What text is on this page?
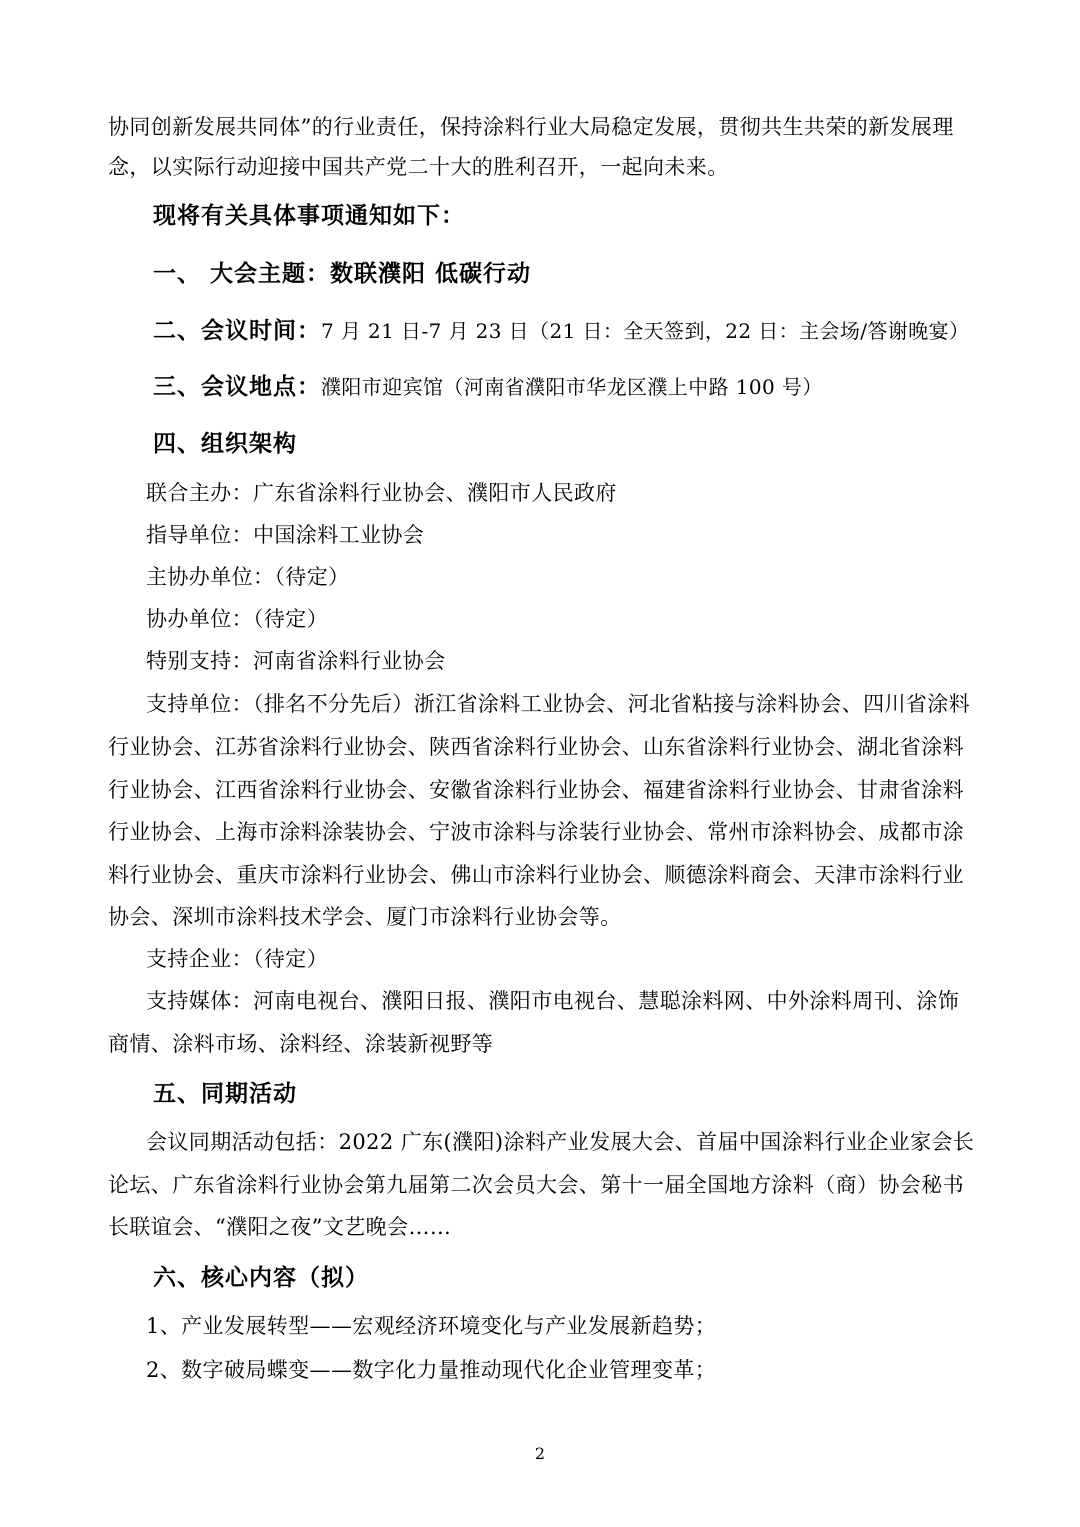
协同创新发展共同体”的行业责任，保持涂料行业大局稳定发展，贯彻共生共荣的新发展理
念，以实际行动迎接中国共产党二十大的胜利召开，一起向未来。
现将有关具体事项通知如下：
一、 大会主题：数联濮阳 低碳行动
二、会议时间：7 月 21 日-7 月 23 日（21 日：全天签到，22 日：主会场/答谢晚宴）
三、会议地点：濮阳市迎宾馆（河南省濮阳市华龙区濮上中路 100 号）
四、组织架构
联合主办：广东省涂料行业协会、濮阳市人民政府
指导单位：中国涂料工业协会
主协办单位：（待定）
协办单位：（待定）
特别支持：河南省涂料行业协会
支持单位：（排名不分先后）浙江省涂料工业协会、河北省粘接与涂料协会、四川省涂料
行业协会、江苏省涂料行业协会、陕西省涂料行业协会、山东省涂料行业协会、湖北省涂料
行业协会、江西省涂料行业协会、安徽省涂料行业协会、福建省涂料行业协会、甘肃省涂料
行业协会、上海市涂料涂装协会、宁波市涂料与涂装行业协会、常州市涂料协会、成都市涂
料行业协会、重庆市涂料行业协会、佛山市涂料行业协会、顺德涂料商会、天津市涂料行业
协会、深圳市涂料技术学会、厦门市涂料行业协会等。
支持企业：（待定）
支持媒体：河南电视台、濮阳日报、濮阳市电视台、慧聪涂料网、中外涂料周刊、涂饰
商情、涂料市场、涂料经、涂装新视野等
五、同期活动
会议同期活动包括：2022 广东(濮阳)涂料产业发展大会、首届中国涂料行业企业家会长
论坛、广东省涂料行业协会第九届第二次会员大会、第十一届全国地方涂料（商）协会秘书
长联谊会、“濮阳之夜”文艺晚会……
六、核心内容（拟）
1、产业发展转型——宏观经济环境变化与产业发展新趋势；
2、数字破局蝶变——数字化力量推动现代化企业管理变革；
2
